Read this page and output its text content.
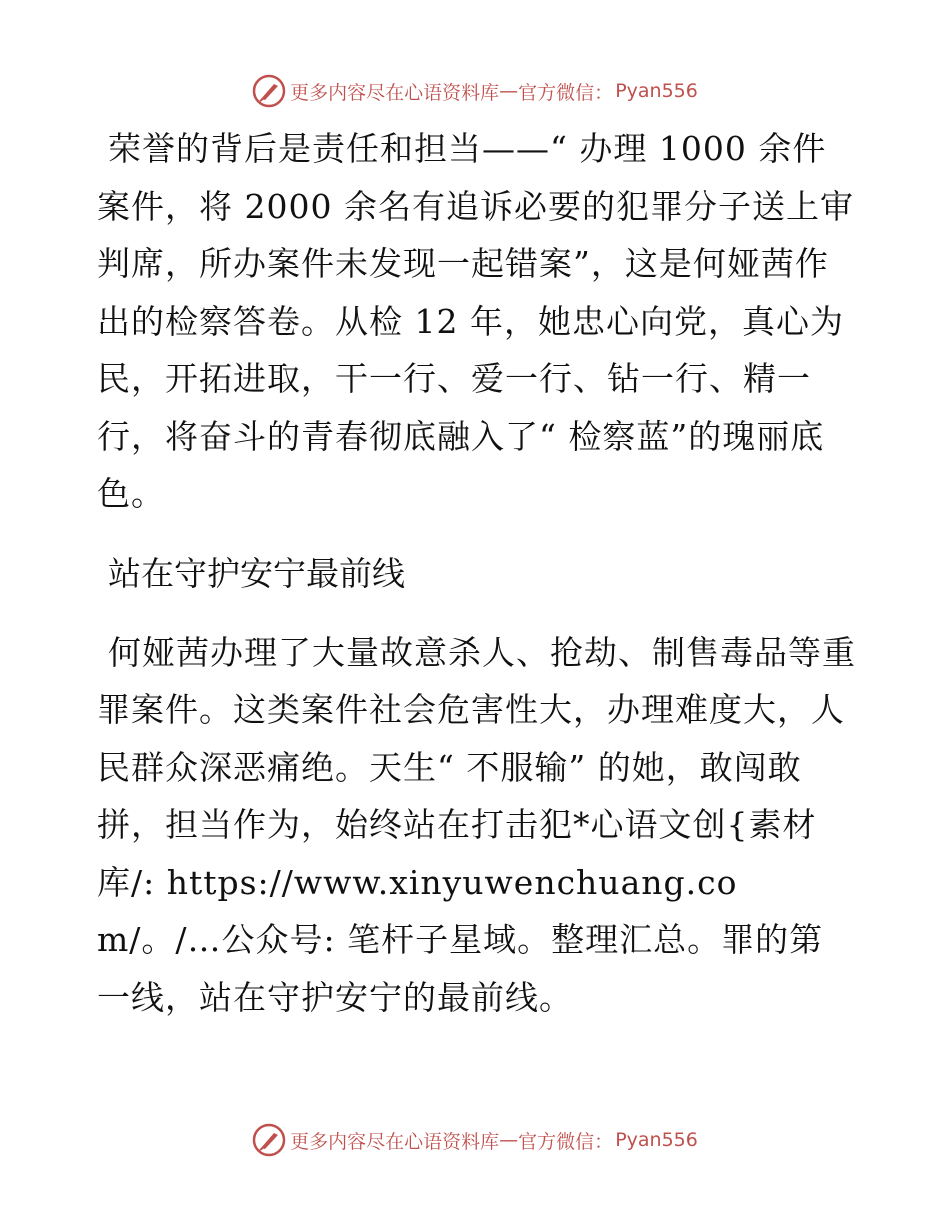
更多内容尽在心语资料库 — 官方微信： Pyan556

荣誉的背后是责任和担当——“ 办理 1000 余件案件，将 2000 余名有追诉必要的犯罪分子送上审判席，所办案件未发现一起错案”，这是何娅茜作出的检察答卷。从检 12 年，她忠心向党，真心为民，开拓进取，干一行、爱一行、钻一行、精一行，将奋斗的青春彻底融入了“ 检察蓝”的瑰丽底色。

站在守护安宁最前线

何娅茜办理了大量故意杀人、抢劫、制售毒品等重罪案件。这类案件社会危害性大，办理难度大，人民群众深恶痛绝。天生“ 不服输” 的她，敢闯敢拼，担当作为，始终站在打击犯*心语文创{素材库/: https://www.xinyuwenchuang.com/。/…公众号: 笔杆子星域。整理汇总。罪的第一线，站在守护安宁的最前线。

更多内容尽在心语资料库 — 官方微信： Pyan556
